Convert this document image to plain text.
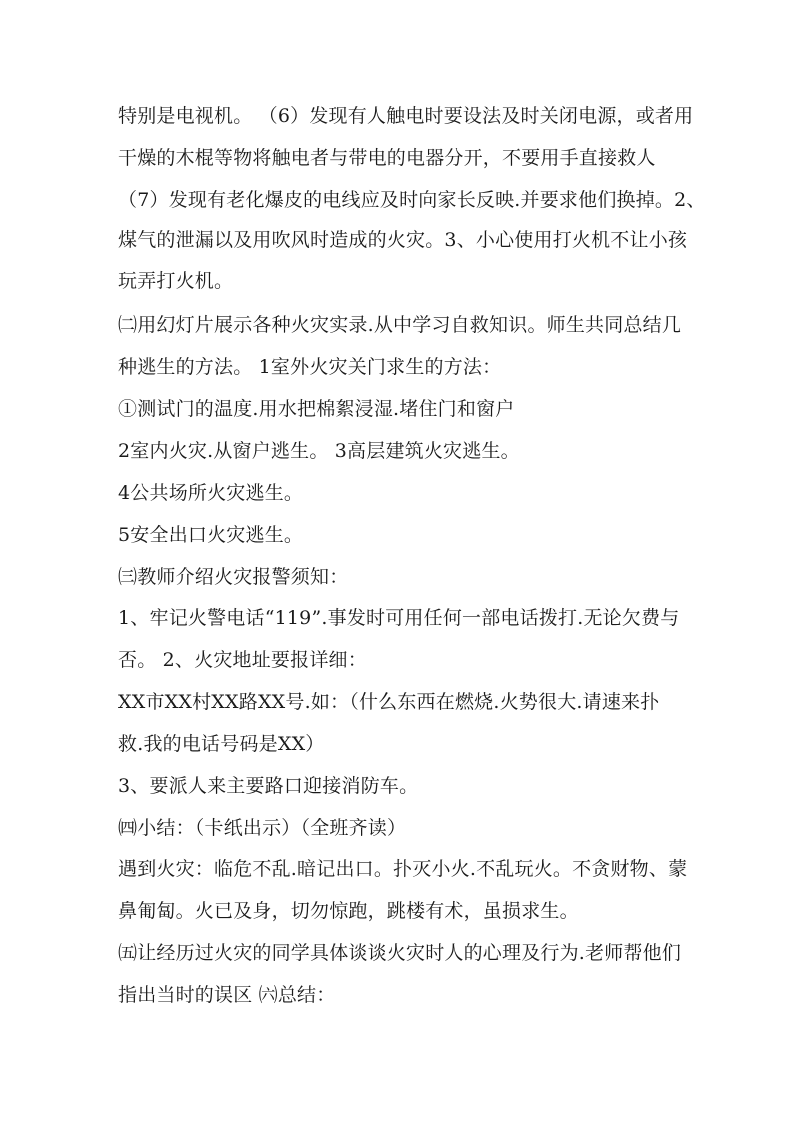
特别是电视机。 （6）发现有人触电时要设法及时关闭电源，或者用
干燥的木棍等物将触电者与带电的电器分开，不要用手直接救人
（7）发现有老化爆皮的电线应及时向家长反映.并要求他们换掉。2、
煤气的泄漏以及用吹风时造成的火灾。3、小心使用打火机不让小孩
玩弄打火机。
㈡用幻灯片展示各种火灾实录.从中学习自救知识。师生共同总结几
种逃生的方法。 1室外火灾关门求生的方法：
①测试门的温度.用水把棉絮浸湿.堵住门和窗户
2室内火灾.从窗户逃生。 3高层建筑火灾逃生。
4公共场所火灾逃生。
5安全出口火灾逃生。
㈢教师介绍火灾报警须知：
1、牢记火警电话“119”.事发时可用任何一部电话拨打.无论欠费与
否。 2、火灾地址要报详细：
XX市XX村XX路XX号.如：（什么东西在燃烧.火势很大.请速来扑
救.我的电话号码是XX）
3、要派人来主要路口迎接消防车。
㈣小结：（卡纸出示）（全班齐读）
遇到火灾：临危不乱.暗记出口。扑灭小火.不乱玩火。不贪财物、蒙
鼻匍匐。火已及身，切勿惊跑，跳楼有术，虽损求生。
㈤让经历过火灾的同学具体谈谈火灾时人的心理及行为.老师帮他们
指出当时的误区 ㈥总结：
